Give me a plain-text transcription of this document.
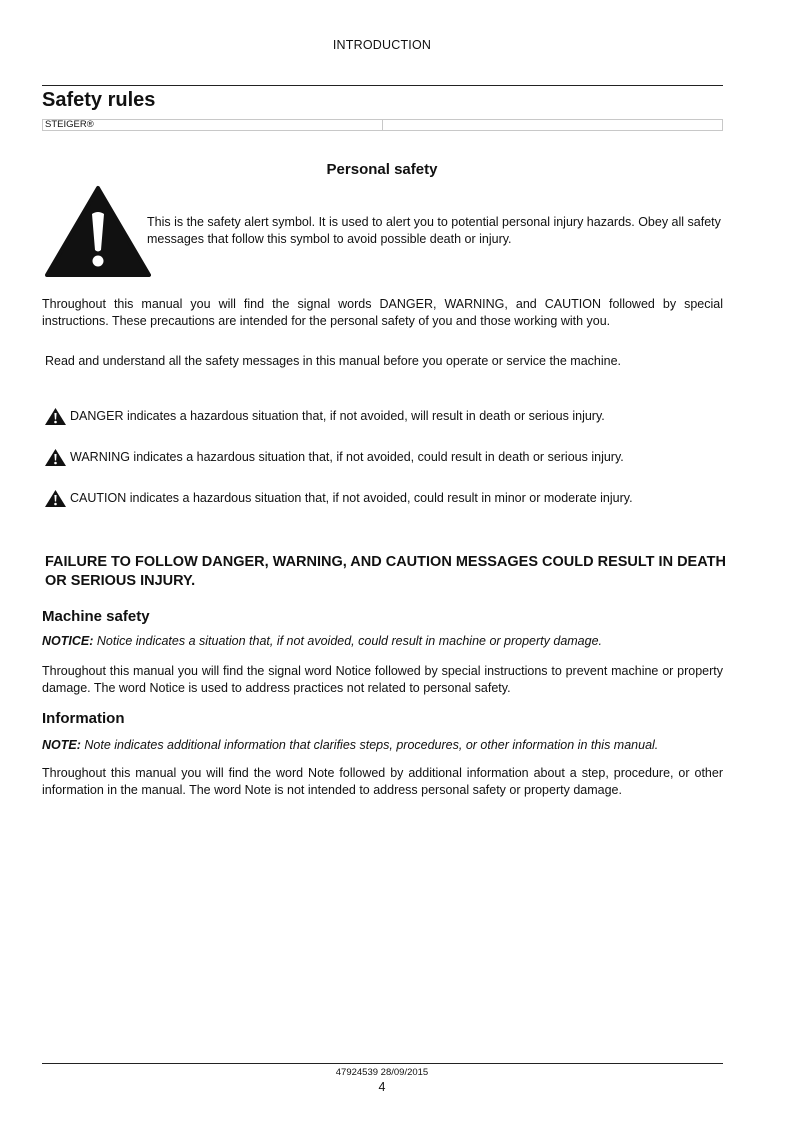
INTRODUCTION
Safety rules
STEIGER®
Personal safety
This is the safety alert symbol. It is used to alert you to potential personal injury hazards. Obey all safety messages that follow this symbol to avoid possible death or injury.
Throughout this manual you will find the signal words DANGER, WARNING, and CAUTION followed by special instructions. These precautions are intended for the personal safety of you and those working with you.
Read and understand all the safety messages in this manual before you operate or service the machine.
DANGER indicates a hazardous situation that, if not avoided, will result in death or serious injury.
WARNING indicates a hazardous situation that, if not avoided, could result in death or serious injury.
CAUTION indicates a hazardous situation that, if not avoided, could result in minor or moderate injury.
FAILURE TO FOLLOW DANGER, WARNING, AND CAUTION MESSAGES COULD RESULT IN DEATH OR SERIOUS INJURY.
Machine safety
NOTICE: Notice indicates a situation that, if not avoided, could result in machine or property damage.
Throughout this manual you will find the signal word Notice followed by special instructions to prevent machine or property damage. The word Notice is used to address practices not related to personal safety.
Information
NOTE: Note indicates additional information that clarifies steps, procedures, or other information in this manual.
Throughout this manual you will find the word Note followed by additional information about a step, procedure, or other information in the manual. The word Note is not intended to address personal safety or property damage.
47924539 28/09/2015
4
